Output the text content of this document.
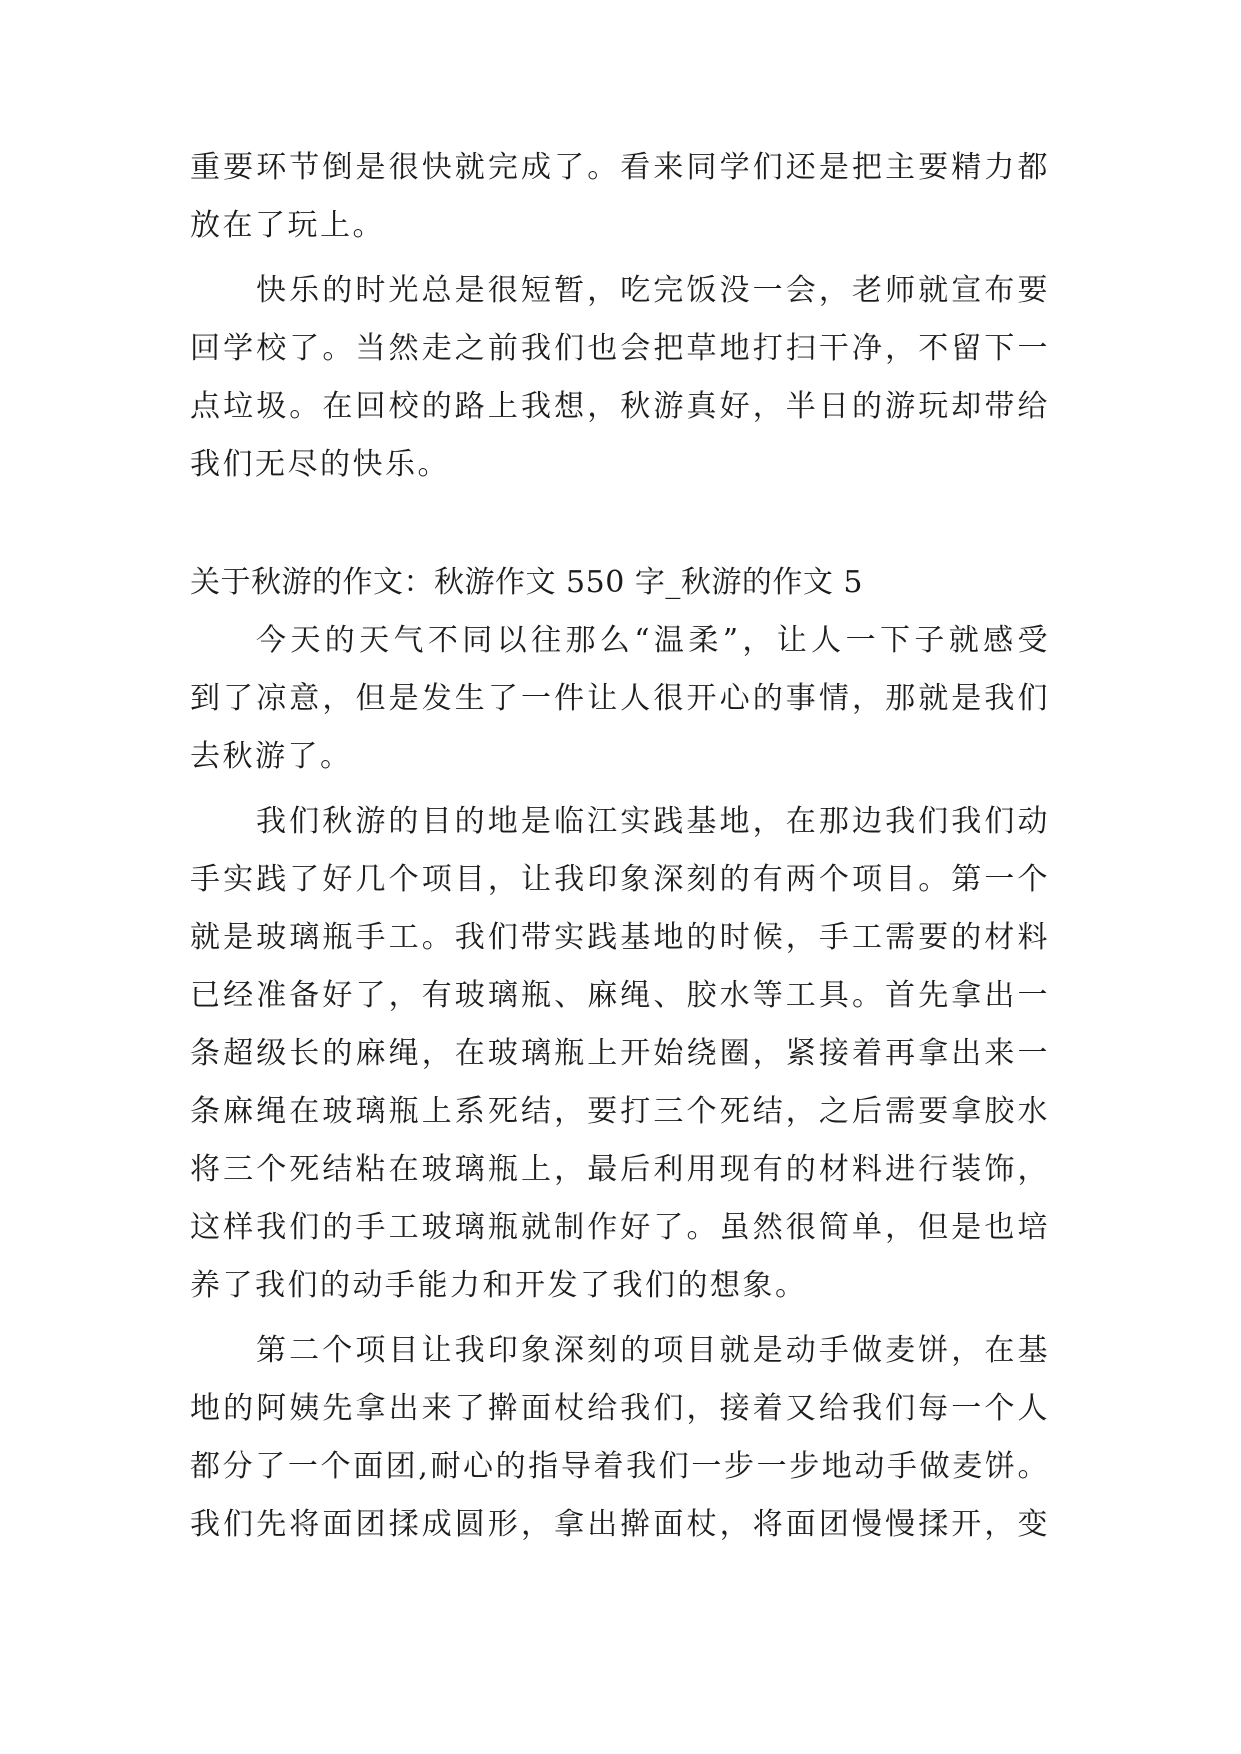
重要环节倒是很快就完成了。看来同学们还是把主要精力都
放在了玩上。
快乐的时光总是很短暂，吃完饭没一会，老师就宣布要
回学校了。当然走之前我们也会把草地打扫干净，不留下一
点垃圾。在回校的路上我想，秋游真好，半日的游玩却带给
我们无尽的快乐。
关于秋游的作文：秋游作文 550 字_秋游的作文 5
今天的天气不同以往那么“温柔”，让人一下子就感受
到了凉意，但是发生了一件让人很开心的事情，那就是我们
去秋游了。
我们秋游的目的地是临江实践基地，在那边我们我们动
手实践了好几个项目，让我印象深刻的有两个项目。第一个
就是玻璃瓶手工。我们带实践基地的时候，手工需要的材料
已经准备好了，有玻璃瓶、麻绳、胶水等工具。首先拿出一
条超级长的麻绳，在玻璃瓶上开始绕圈，紧接着再拿出来一
条麻绳在玻璃瓶上系死结，要打三个死结，之后需要拿胶水
将三个死结粘在玻璃瓶上，最后利用现有的材料进行装饰，
这样我们的手工玻璃瓶就制作好了。虽然很简单，但是也培
养了我们的动手能力和开发了我们的想象。
第二个项目让我印象深刻的项目就是动手做麦饼，在基
地的阿姨先拿出来了擀面杖给我们，接着又给我们每一个人
都分了一个面团,耐心的指导着我们一步一步地动手做麦饼。
我们先将面团揉成圆形，拿出擀面杖，将面团慢慢揉开，变
